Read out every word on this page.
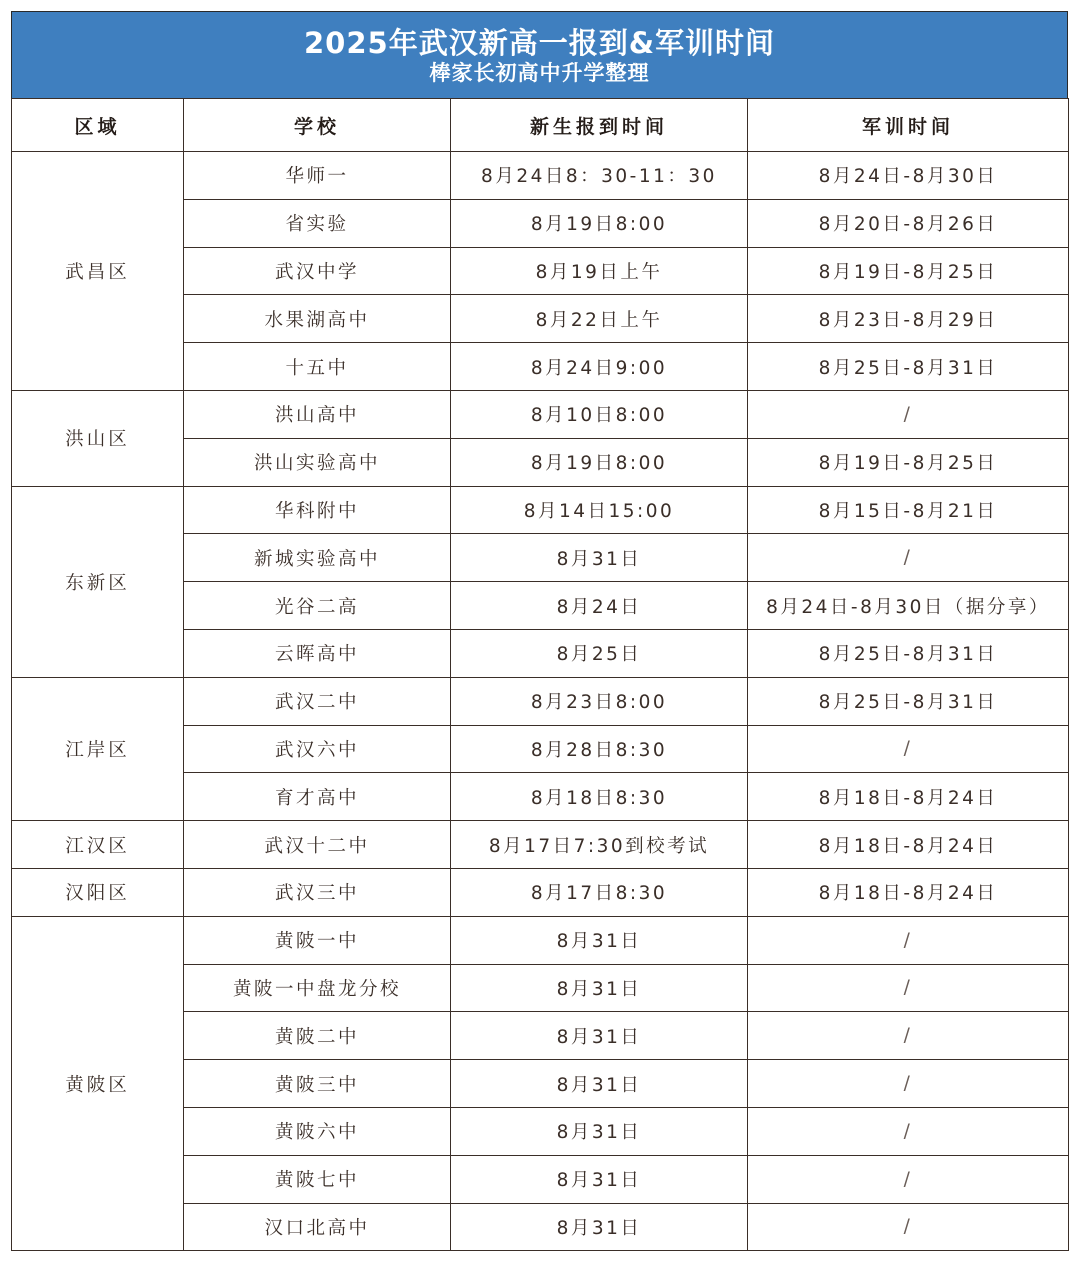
2025年武汉新高一报到&军训时间
棒家长初高中升学整理
区域	学校	新生报到时间	军训时间
武昌区	华师一	8月24日8：30-11：30	8月24日-8月30日
	省实验	8月19日8:00	8月20日-8月26日
	武汉中学	8月19日上午	8月19日-8月25日
	水果湖高中	8月22日上午	8月23日-8月29日
	十五中	8月24日9:00	8月25日-8月31日
洪山区	洪山高中	8月10日8:00	/
	洪山实验高中	8月19日8:00	8月19日-8月25日
东新区	华科附中	8月14日15:00	8月15日-8月21日
	新城实验高中	8月31日	/
	光谷二高	8月24日	8月24日-8月30日（据分享）
	云晖高中	8月25日	8月25日-8月31日
江岸区	武汉二中	8月23日8:00	8月25日-8月31日
	武汉六中	8月28日8:30	/
	育才高中	8月18日8:30	8月18日-8月24日
江汉区	武汉十二中	8月17日7:30到校考试	8月18日-8月24日
汉阳区	武汉三中	8月17日8:30	8月18日-8月24日
黄陂区	黄陂一中	8月31日	/
	黄陂一中盘龙分校	8月31日	/
	黄陂二中	8月31日	/
	黄陂三中	8月31日	/
	黄陂六中	8月31日	/
	黄陂七中	8月31日	/
	汉口北高中	8月31日	/
